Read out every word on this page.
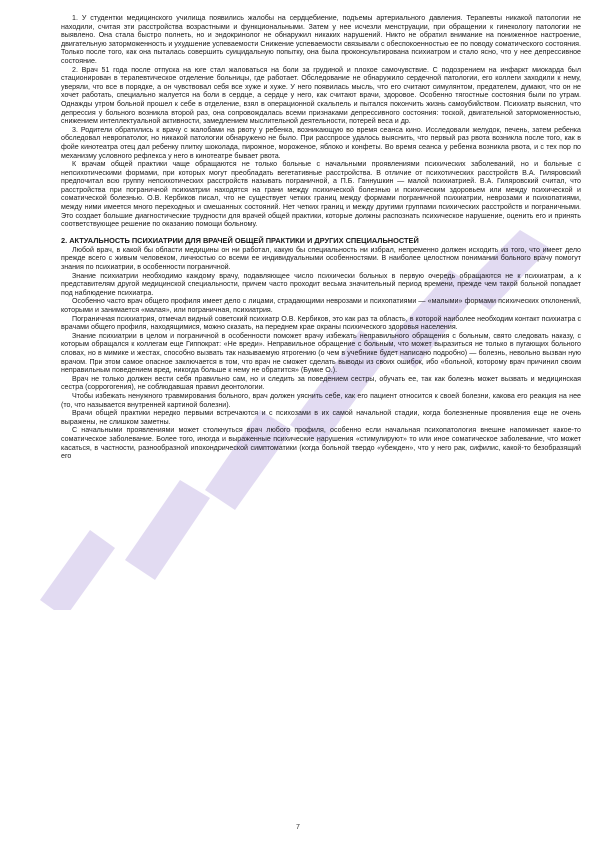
1. У студентки медицинского училища появились жалобы на сердцебиение, подъемы артериального давления. Терапевты никакой патологии не находили, считая эти расстройства возрастными и функциональными. Затем у нее исчезли менструации, при обращении к гинекологу патологии не выявлено. Она стала быстро полнеть, но и эндокринолог не обнаружил никаких нарушений. Никто не обратил внимание на пониженное настроение, двигательную заторможенность и ухудшение успеваемости Снижение успеваемости связывали с обеспокоенностью ее по поводу соматического состояния. Только после того, как она пыталась совершить суицидальную попытку, она была проконсультирована психиатром и стало ясно, что у нее депрессивное состояние.

2. Врач 51 года после отпуска на юге стал жаловаться на боли за грудиной и плохое самочувствие. С подозрением на инфаркт миокарда был стационирован в терапевтическое отделение больницы, где работает. Обследование не обнаружило сердечной патологии, его коллеги заходили к нему, уверяли, что все в порядке, а он чувствовал себя все хуже и хуже. У него появилась мысль, что его считают симулянтом, предателем, думают, что он не хочет работать, специально жалуется на боли в сердце, а сердце у него, как считают врачи, здоровое. Особенно тягостные состояния были по утрам. Однажды утром больной прошел к себе в отделение, взял в операционной скальпель и пытался покончить жизнь самоубийством. Психиатр выяснил, что депрессия у больного возникла второй раз, она сопровождалась всеми признаками депрессивного состояния: тоской, двигательной заторможенностью, снижением интеллектуальной активности, замедлением мыслительной деятельности, потерей веса и др.

3. Родители обратились к врачу с жалобами на рвоту у ребенка, возникающую во время сеанса кино. Исследовали желудок, печень, затем ребенка обследовал невропатолог, но никакой патологии обнаружено не было. При расспросе удалось выяснить, что первый раз рвота возникла после того, как в фойе кинотеатра отец дал ребенку плитку шоколада, пирожное, мороженое, яблоко и конфеты. Во время сеанса у ребенка возникла рвота, и с тех пор по механизму условного рефлекса у него в кинотеатре бывает рвота.

К врачам общей практики чаще обращаются не только больные с начальными проявлениями психических заболеваний, но и больные с непсихотическими формами, при которых могут преобладать вегетативные расстройства. В отличие от психотических расстройств В.А. Гиляровский предпочитал всю группу непсихотических расстройств называть пограничной, а П.Б. Ганнушкин — малой психиатрией. В.А. Гиляровский считал, что расстройства при пограничной психиатрии находятся на грани между психической болезнью и психическим здоровьем или между психической и соматической болезнью. О.В. Кербиков писал, что не существует четких границ между формами пограничной психиатрии, неврозами и психопатиями, между ними имеется много переходных и смешанных состояний. Нет четких границ и между другими группами психических расстройств и пограничными. Это создает большие диагностические трудности для врачей общей практики, которые должны распознать психическое нарушение, оценить его и принять соответствующее решение по оказанию помощи больному.

2. АКТУАЛЬНОСТЬ ПСИХИАТРИИ ДЛЯ ВРАЧЕЙ ОБЩЕЙ ПРАКТИКИ И ДРУГИХ СПЕЦИАЛЬНОСТЕЙ

Любой врач, в какой бы области медицины он ни работал, какую бы специальность ни избрал, непременно должен исходить из того, что имеет дело прежде всего с живым человеком, личностью со всеми ее индивидуальными особенностями. В наиболее целостном понимании больного врачу помогут знания по психиатрии, в особенности пограничной.

Знание психиатрии необходимо каждому врачу, подавляющее число психически больных в первую очередь обращаются не к психиатрам, а к представителям другой медицинской специальности, причем часто проходит весьма значительный период времени, прежде чем такой больной попадает под наблюдение психиатра.

Особенно часто врач общего профиля имеет дело с лицами, страдающими неврозами и психопатиями — «малыми» формами психических отклонений, которыми и занимается «малая», или пограничная, психиатрия.

Пограничная психиатрия, отмечал видный советский психиатр О.В. Кербиков, это как раз та область, в которой наиболее необходим контакт психиатра с врачами общего профиля, находящимися, можно сказать, на переднем крае охраны психического здоровья населения.

Знание психиатрии в целом и пограничной в особенности поможет врачу избежать неправильного обращения с больным, свято следовать наказу, с которым обращался к коллегам еще Гиппократ: «Не вреди». Неправильное обращение с больным, что может выразиться не только в пугающих больного словах, но в мимике и жестах, способно вызвать так называемую ятрогению (о чем в учебнике будет написано подробно) — болезнь, невольно вызван ную врачом. При этом самое опасное заключается в том, что врач не сможет сделать выводы из своих ошибок, ибо «больной, которому врач причинил своим неправильным поведением вред, никогда больше к нему не обратится» (Бумке О.).

Врач не только должен вести себя правильно сам, но и следить за поведением сестры, обучать ее, так как болезнь может вызвать и медицинская сестра (соррогогения), не соблюдавшая правил деонтологии.

Чтобы избежать ненужного травмирования больного, врач должен уяснить себе, как его пациент относится к своей болезни, какова его реакция на нее (то, что называется внутренней картиной болезни).

Врачи общей практики нередко первыми встречаются и с психозами в их самой начальной стадии, когда болезненные проявления еще не очень выражены, не слишком заметны.

С начальными проявлениями может столкнуться врач любого профиля, особенно если начальная психопатология внешне напоминает какое-то соматическое заболевание. Более того, иногда и выраженные психические нарушения «стимулируют» то или иное соматическое заболевание, что может касаться, в частности, разнообразной ипохондрической симптоматики (когда больной твердо «убежден», что у него рак, сифилис, какой-то безобразящий его

7
